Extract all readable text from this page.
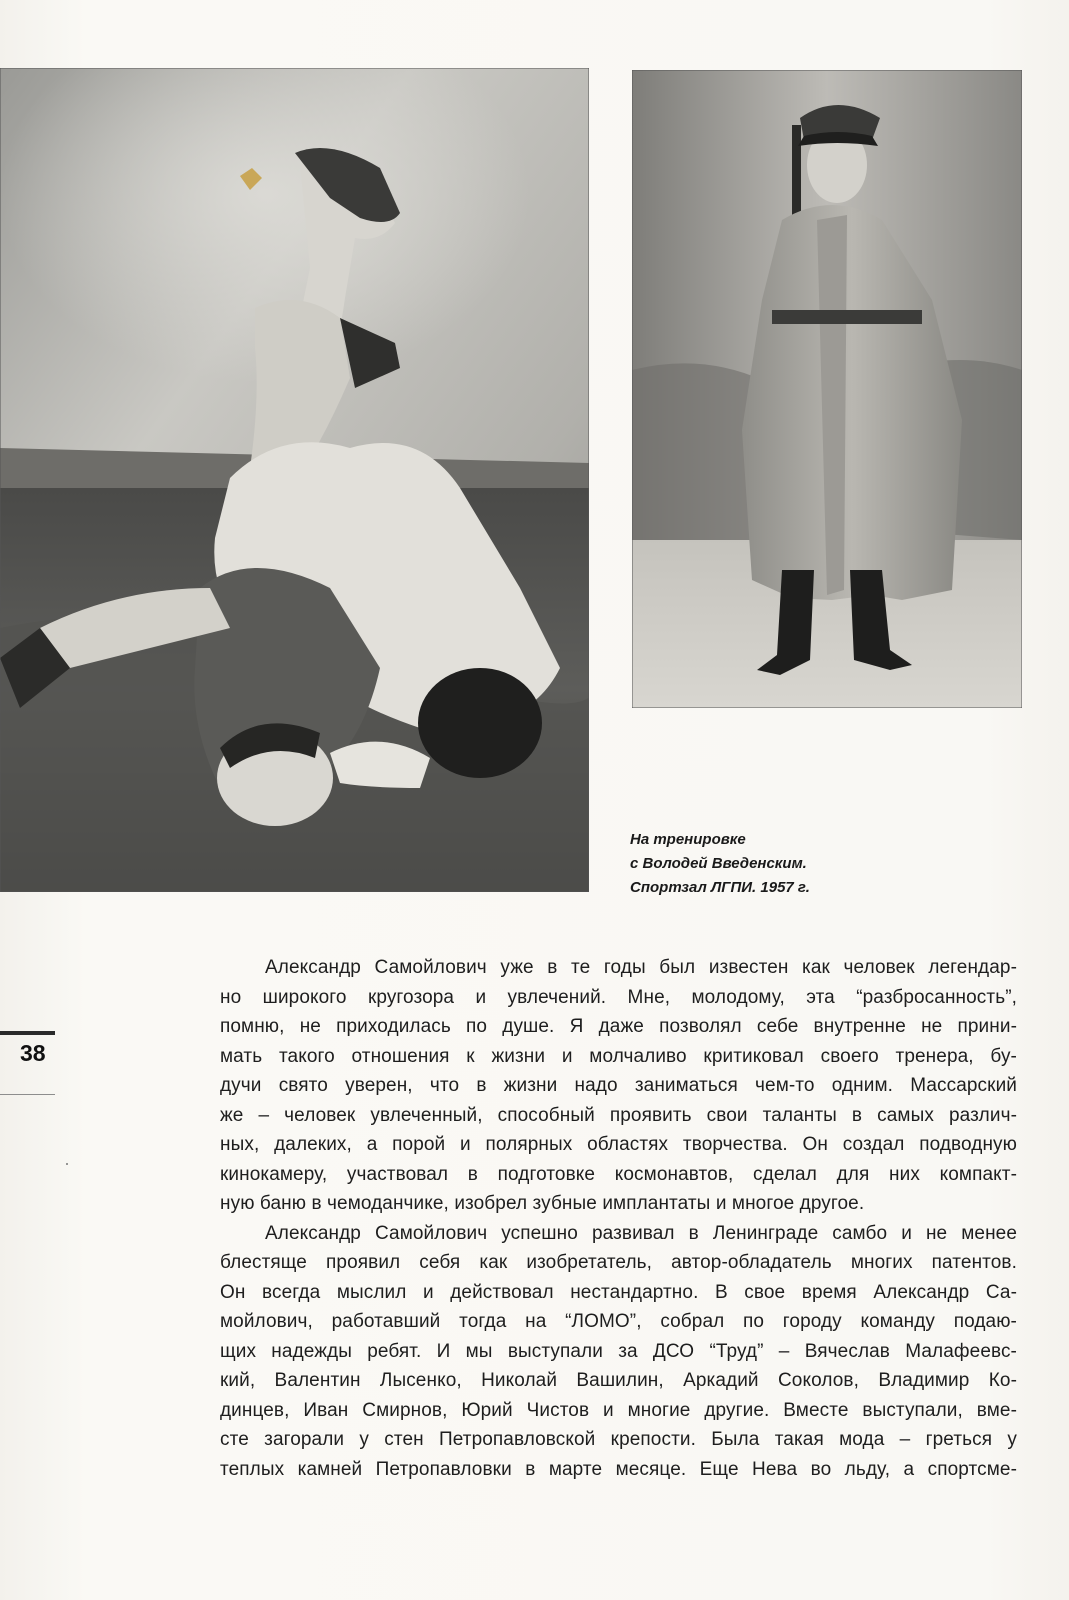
На тренировке
с Володей Введенским.
Спортзал ЛГПИ. 1957 г.
38
Александр Самойлович уже в те годы был известен как человек легендар-
но широкого кругозора и увлечений. Мне, молодому, эта “разбросанность”,
помню, не приходилась по душе. Я даже позволял себе внутренне не прини-
мать такого отношения к жизни и молчаливо критиковал своего тренера, бу-
дучи свято уверен, что в жизни надо заниматься чем-то одним. Массарский
же – человек увлеченный, способный проявить свои таланты в самых различ-
ных, далеких, а порой и полярных областях творчества. Он создал подводную
кинокамеру, участвовал в подготовке космонавтов, сделал для них компакт-
ную баню в чемоданчике, изобрел зубные имплантаты и многое другое.
Александр Самойлович успешно развивал в Ленинграде самбо и не менее
блестяще проявил себя как изобретатель, автор-обладатель многих патентов.
Он всегда мыслил и действовал нестандартно. В свое время Александр Са-
мойлович, работавший тогда на “ЛОМО”, собрал по городу команду подаю-
щих надежды ребят. И мы выступали за ДСО “Труд” – Вячеслав Малафеевс-
кий, Валентин Лысенко, Николай Вашилин, Аркадий Соколов, Владимир Ко-
динцев, Иван Смирнов, Юрий Чистов и многие другие. Вместе выступали, вме-
сте загорали у стен Петропавловской крепости. Была такая мода – греться у
теплых камней Петропавловки в марте месяце. Еще Нева во льду, а спортсме-
